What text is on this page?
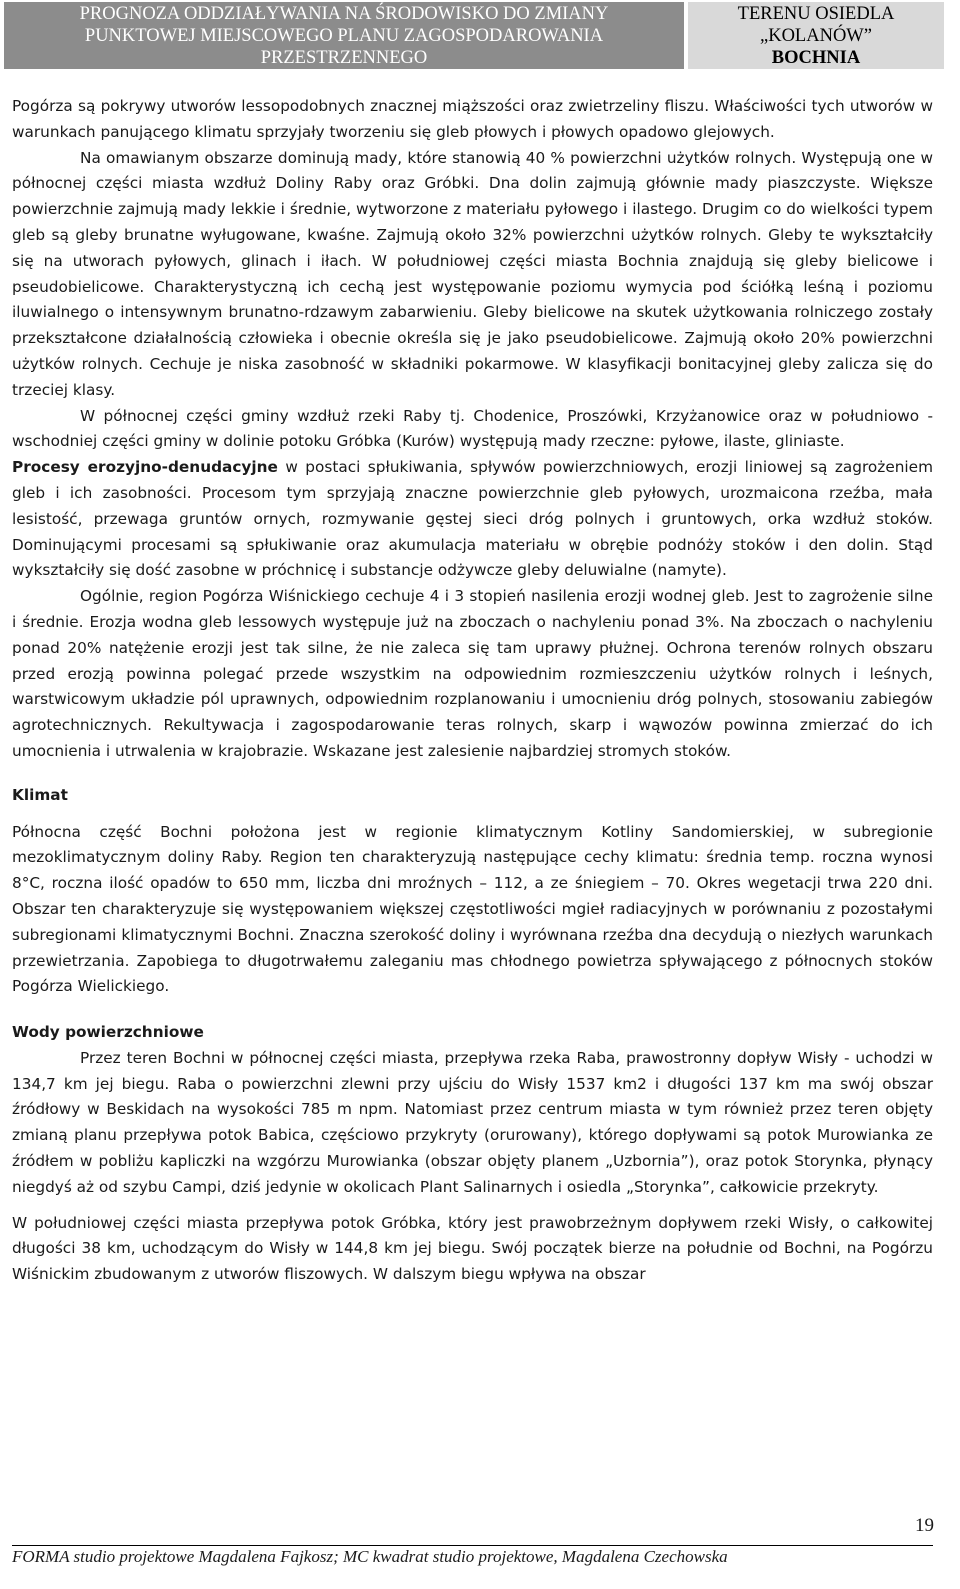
PROGNOZA ODDZIAŁYWANIA NA ŚRODOWISKO DO ZMIANY
PUNKTOWEJ MIEJSCOWEGO PLANU ZAGOSPODAROWANIA
PRZESTRZENNEGO
TERENU OSIEDLA
„KOLANÓW”
BOCHNIA

Pogórza są pokrywy utworów lessopodobnych znacznej miąższości oraz zwietrzeliny fliszu. Właściwości tych utworów w warunkach panującego klimatu sprzyjały tworzeniu się gleb płowych i płowych opadowo glejowych.

Na omawianym obszarze dominują mady, które stanowią 40 % powierzchni użytków rolnych. Występują one w północnej części miasta wzdłuż Doliny Raby oraz Gróbki. Dna dolin zajmują głównie mady piaszczyste. Większe powierzchnie zajmują mady lekkie i średnie, wytworzone z materiału pyłowego i ilastego. Drugim co do wielkości typem gleb są gleby brunatne wyługowane, kwaśne. Zajmują około 32% powierzchni użytków rolnych. Gleby te wykształciły się na utworach pyłowych, glinach i iłach. W południowej części miasta Bochnia znajdują się gleby bielicowe i pseudobielicowe. Charakterystyczną ich cechą jest występowanie poziomu wymycia pod ściółką leśną i poziomu iluwialnego o intensywnym brunatno-rdzawym zabarwieniu. Gleby bielicowe na skutek użytkowania rolniczego zostały przekształcone działalnością człowieka i obecnie określa się je jako pseudobielicowe. Zajmują około 20% powierzchni użytków rolnych. Cechuje je niska zasobność w składniki pokarmowe. W klasyfikacji bonitacyjnej gleby zalicza się do trzeciej klasy.

W północnej części gminy wzdłuż rzeki Raby tj. Chodenice, Proszówki, Krzyżanowice oraz w południowo - wschodniej części gminy w dolinie potoku Gróbka (Kurów) występują mady rzeczne: pyłowe, ilaste, gliniaste.

Procesy erozyjno-denudacyjne w postaci spłukiwania, spływów powierzchniowych, erozji liniowej są zagrożeniem gleb i ich zasobności. Procesom tym sprzyjają znaczne powierzchnie gleb pyłowych, urozmaicona rzeźba, mała lesistość, przewaga gruntów ornych, rozmywanie gęstej sieci dróg polnych i gruntowych, orka wzdłuż stoków. Dominującymi procesami są spłukiwanie oraz akumulacja materiału w obrębie podnóży stoków i den dolin. Stąd wykształciły się dość zasobne w próchnicę i substancje odżywcze gleby deluwialne (namyte).

Ogólnie, region Pogórza Wiśnickiego cechuje 4 i 3 stopień nasilenia erozji wodnej gleb. Jest to zagrożenie silne i średnie. Erozja wodna gleb lessowych występuje już na zboczach o nachyleniu ponad 3%. Na zboczach o nachyleniu ponad 20% natężenie erozji jest tak silne, że nie zaleca się tam uprawy płużnej. Ochrona terenów rolnych obszaru przed erozją powinna polegać przede wszystkim na odpowiednim rozmieszczeniu użytków rolnych i leśnych, warstwicowym układzie pól uprawnych, odpowiednim rozplanowaniu i umocnieniu dróg polnych, stosowaniu zabiegów agrotechnicznych. Rekultywacja i zagospodarowanie teras rolnych, skarp i wąwozów powinna zmierzać do ich umocnienia i utrwalenia w krajobrazie. Wskazane jest zalesienie najbardziej stromych stoków.

Klimat

Północna część Bochni położona jest w regionie klimatycznym Kotliny Sandomierskiej, w subregionie mezoklimatycznym doliny Raby. Region ten charakteryzują następujące cechy klimatu: średnia temp. roczna wynosi 8°C, roczna ilość opadów to 650 mm, liczba dni mroźnych – 112, a ze śniegiem – 70. Okres wegetacji trwa 220 dni. Obszar ten charakteryzuje się występowaniem większej częstotliwości mgieł radiacyjnych w porównaniu z pozostałymi subregionami klimatycznymi Bochni. Znaczna szerokość doliny i wyrównana rzeźba dna decydują o niezłych warunkach przewietrzania. Zapobiega to długotrwałemu zaleganiu mas chłodnego powietrza spływającego z północnych stoków Pogórza Wielickiego.

Wody powierzchniowe

Przez teren Bochni w północnej części miasta, przepływa rzeka Raba, prawostronny dopływ Wisły - uchodzi w 134,7 km jej biegu. Raba o powierzchni zlewni przy ujściu do Wisły 1537 km2 i długości 137 km ma swój obszar źródłowy w Beskidach na wysokości 785 m npm. Natomiast przez centrum miasta w tym również przez teren objęty zmianą planu przepływa potok Babica, częściowo przykryty (orurowany), którego dopływami są potok Murowianka ze źródłem w pobliżu kapliczki na wzgórzu Murowianka (obszar objęty planem „Uzbornia”), oraz potok Storynka, płynący niegdyś aż od szybu Campi, dziś jedynie w okolicach Plant Salinarnych i osiedla „Storynka”, całkowicie przekryty.

W południowej części miasta przepływa potok Gróbka, który jest prawobrzeżnym dopływem rzeki Wisły, o całkowitej długości 38 km, uchodzącym do Wisły w 144,8 km jej biegu. Swój początek bierze na południe od Bochni, na Pogórzu Wiśnickim zbudowanym z utworów fliszowych. W dalszym biegu wpływa na obszar

19
FORMA studio projektowe Magdalena Fajkosz; MC kwadrat studio projektowe, Magdalena Czechowska
